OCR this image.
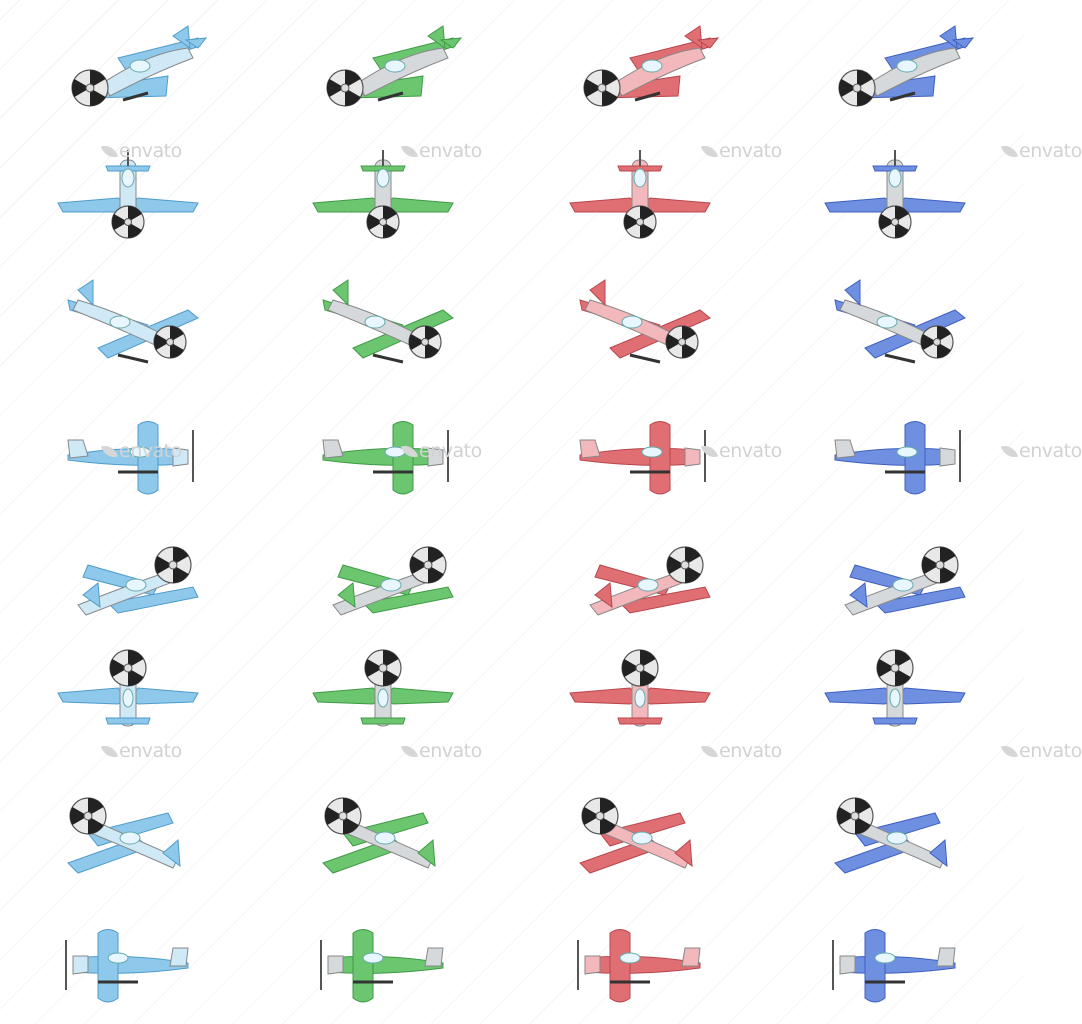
envato	envato	envato	envato
envato	envato	envato	envato
envato	envato	envato	envato
